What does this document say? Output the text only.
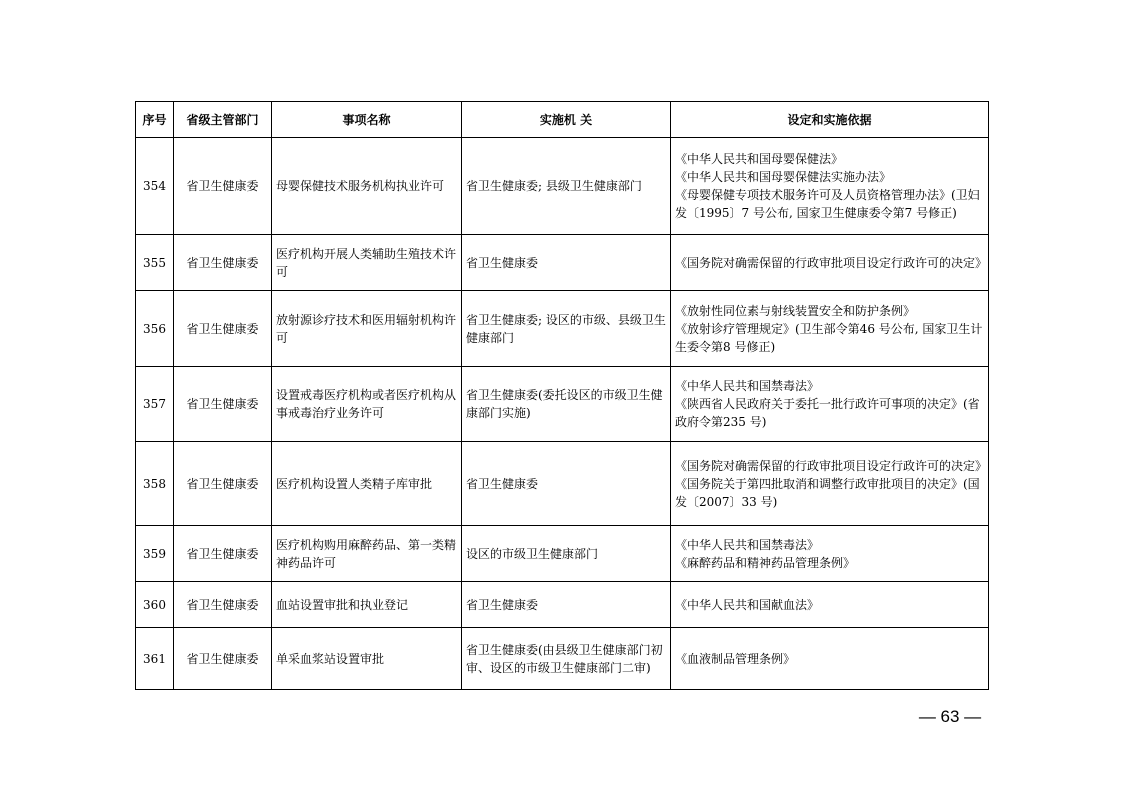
序号	省级主管部门	事项名称	实施机 关	设定和实施依据
354	省卫生健康委	母婴保健技术服务机构执业许可	省卫生健康委; 县级卫生健康部门	《中华人民共和国母婴保健法》
《中华人民共和国母婴保健法实施办法》
《母婴保健专项技术服务许可及人员资格管理办法》(卫妇发〔1995〕7 号公布, 国家卫生健康委令第7 号修正)

355	省卫生健康委	医疗机构开展人类辅助生殖技术许可	省卫生健康委	《国务院对确需保留的行政审批项目设定行政许可的决定》

356	省卫生健康委	放射源诊疗技术和医用辐射机构许可	省卫生健康委; 设区的市级、县级卫生健康部门	《放射性同位素与射线装置安全和防护条例》
《放射诊疗管理规定》(卫生部令第46 号公布, 国家卫生计生委令第8 号修正)

357	省卫生健康委	设置戒毒医疗机构或者医疗机构从事戒毒治疗业务许可	省卫生健康委(委托设区的市级卫生健康部门实施)	《中华人民共和国禁毒法》
《陕西省人民政府关于委托一批行政许可事项的决定》(省政府令第235 号)

358	省卫生健康委	医疗机构设置人类精子库审批	省卫生健康委	《国务院对确需保留的行政审批项目设定行政许可的决定》
《国务院关于第四批取消和调整行政审批项目的决定》(国发〔2007〕33 号)

359	省卫生健康委	医疗机构购用麻醉药品、第一类精神药品许可	设区的市级卫生健康部门	《中华人民共和国禁毒法》
《麻醉药品和精神药品管理条例》

360	省卫生健康委	血站设置审批和执业登记	省卫生健康委	《中华人民共和国献血法》

361	省卫生健康委	单采血浆站设置审批	省卫生健康委(由县级卫生健康部门初审、设区的市级卫生健康部门二审)	《血液制品管理条例》
— 63 —
